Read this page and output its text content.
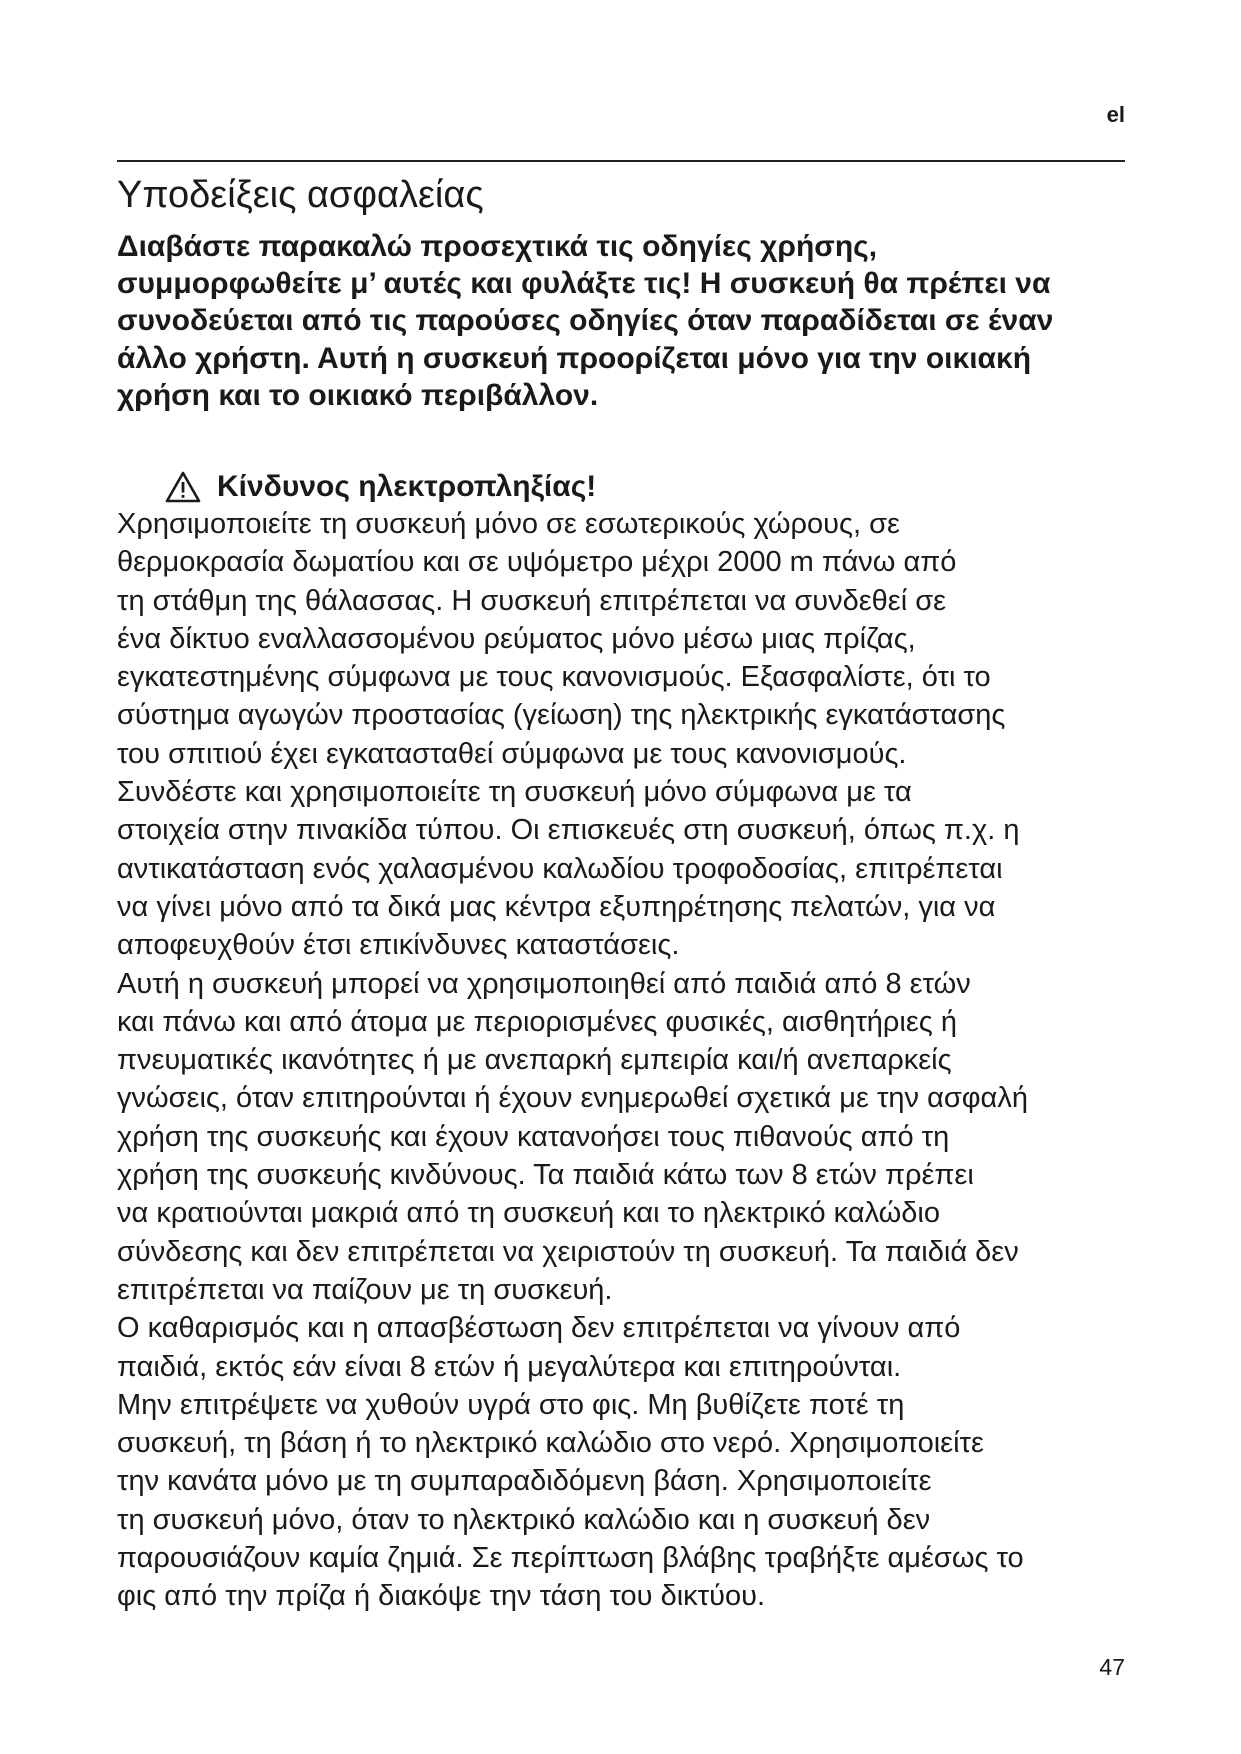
el
Υποδείξεις ασφαλείας
Διαβάστε παρακαλώ προσεχτικά τις οδηγίες χρήσης,
συμμορφωθείτε μ’ αυτές και φυλάξτε τις! Η συσκευή θα πρέπει να
συνοδεύεται από τις παρούσες οδηγίες όταν παραδίδεται σε έναν
άλλο χρήστη. Αυτή η συσκευή προορίζεται μόνο για την οικιακή
χρήση και το οικιακό περιβάλλον.
Κίνδυνος ηλεκτροπληξίας!
Χρησιμοποιείτε τη συσκευή μόνο σε εσωτερικούς χώρους, σε
θερμοκρασία δωματίου και σε υψόμετρο μέχρι 2000 m πάνω από
τη στάθμη της θάλασσας. Η συσκευή επιτρέπεται να συνδεθεί σε
ένα δίκτυο εναλλασσομένου ρεύματος μόνο μέσω μιας πρίζας,
εγκατεστημένης σύμφωνα με τους κανονισμούς. Εξασφαλίστε, ότι το
σύστημα αγωγών προστασίας (γείωση) της ηλεκτρικής εγκατάστασης
του σπιτιού έχει εγκατασταθεί σύμφωνα με τους κανονισμούς.
Συνδέστε και χρησιμοποιείτε τη συσκευή μόνο σύμφωνα με τα
στοιχεία στην πινακίδα τύπου. Οι επισκευές στη συσκευή, όπως π.χ. η
αντικατάσταση ενός χαλασμένου καλωδίου τροφοδοσίας, επιτρέπεται
να γίνει μόνο από τα δικά μας κέντρα εξυπηρέτησης πελατών, για να
αποφευχθούν έτσι επικίνδυνες καταστάσεις.
Αυτή η συσκευή μπορεί να χρησιμοποιηθεί από παιδιά από 8 ετών
και πάνω και από άτομα με περιορισμένες φυσικές, αισθητήριες ή
πνευματικές ικανότητες ή με ανεπαρκή εμπειρία και/ή ανεπαρκείς
γνώσεις, όταν επιτηρούνται ή έχουν ενημερωθεί σχετικά με την ασφαλή
χρήση της συσκευής και έχουν κατανοήσει τους πιθανούς από τη
χρήση της συσκευής κινδύνους. Τα παιδιά κάτω των 8 ετών πρέπει
να κρατιούνται μακριά από τη συσκευή και το ηλεκτρικό καλώδιο
σύνδεσης και δεν επιτρέπεται να χειριστούν τη συσκευή. Τα παιδιά δεν
επιτρέπεται να παίζουν με τη συσκευή.
Ο καθαρισμός και η απασβέστωση δεν επιτρέπεται να γίνουν από
παιδιά, εκτός εάν είναι 8 ετών ή μεγαλύτερα και επιτηρούνται.
Μην επιτρέψετε να χυθούν υγρά στο φις. Μη βυθίζετε ποτέ τη
συσκευή, τη βάση ή το ηλεκτρικό καλώδιο στο νερό. Χρησιμοποιείτε
την κανάτα μόνο με τη συμπαραδιδόμενη βάση. Χρησιμοποιείτε
τη συσκευή μόνο, όταν το ηλεκτρικό καλώδιο και η συσκευή δεν
παρουσιάζουν καμία ζημιά. Σε περίπτωση βλάβης τραβήξτε αμέσως το
φις από την πρίζα ή διακόψε την τάση του δικτύου.
47
